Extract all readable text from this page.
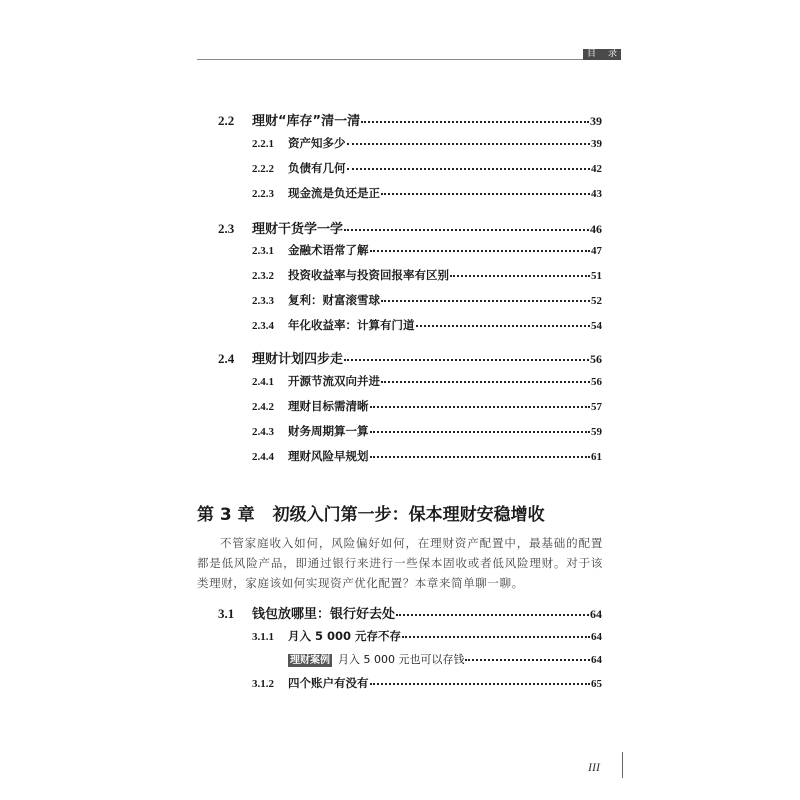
目 录
2.2	理财“库存”清一清	39
2.2.1	资产知多少	39
2.2.2	负债有几何	42
2.2.3	现金流是负还是正	43
2.3	理财干货学一学	46
2.3.1	金融术语常了解	47
2.3.2	投资收益率与投资回报率有区别	51
2.3.3	复利：财富滚雪球	52
2.3.4	年化收益率：计算有门道	54
2.4	理财计划四步走	56
2.4.1	开源节流双向并进	56
2.4.2	理财目标需清晰	57
2.4.3	财务周期算一算	59
2.4.4	理财风险早规划	61
第 3 章 初级入门第一步：保本理财安稳增收

不管家庭收入如何，风险偏好如何，在理财资产配置中，最基础的配置都是低风险产品，即通过银行来进行一些保本固收或者低风险理财。对于该类理财，家庭该如何实现资产优化配置？本章来简单聊一聊。

3.1	钱包放哪里：银行好去处	64
3.1.1	月入 5 000 元存不存	64
理财案例 月入 5 000 元也可以存钱	64
3.1.2	四个账户有没有	65
III
